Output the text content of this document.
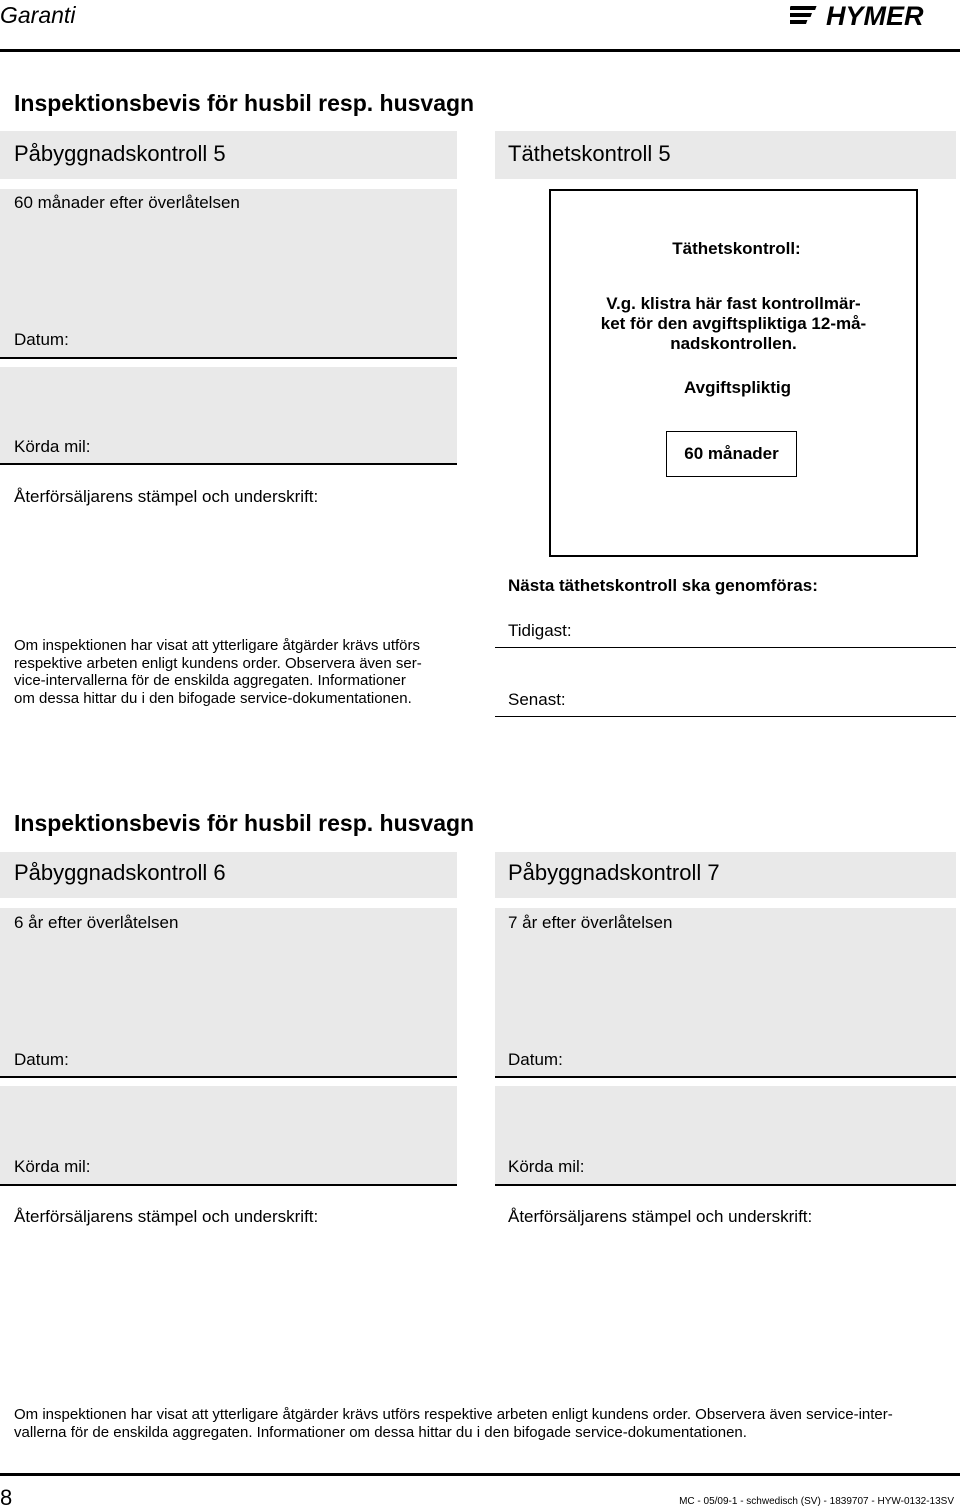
Garanti	HYMER
Inspektionsbevis för husbil resp. husvagn
Påbyggnadskontroll 5
60 månader efter överlåtelsen
Datum:
Körda mil:
Återförsäljarens stämpel och underskrift:
Om inspektionen har visat att ytterligare åtgärder krävs utförs
respektive arbeten enligt kundens order. Observera även ser-
vice-intervallerna för de enskilda aggregaten. Informationer
om dessa hittar du i den bifogade service-dokumentationen.
Täthetskontroll 5
Täthetskontroll:
V.g. klistra här fast kontrollmär-
ket för den avgiftspliktiga 12-må-
nadskontrollen.
Avgiftspliktig
60 månader
Nästa täthetskontroll ska genomföras:
Tidigast:
Senast:
Inspektionsbevis för husbil resp. husvagn
Påbyggnadskontroll 6
6 år efter överlåtelsen
Datum:
Körda mil:
Återförsäljarens stämpel och underskrift:
Påbyggnadskontroll 7
7 år efter överlåtelsen
Datum:
Körda mil:
Återförsäljarens stämpel och underskrift:
Om inspektionen har visat att ytterligare åtgärder krävs utförs respektive arbeten enligt kundens order. Observera även service-inter-
vallerna för de enskilda aggregaten. Informationer om dessa hittar du i den bifogade service-dokumentationen.
8	MC - 05/09-1 - schwedisch (SV) - 1839707 - HYW-0132-13SV
